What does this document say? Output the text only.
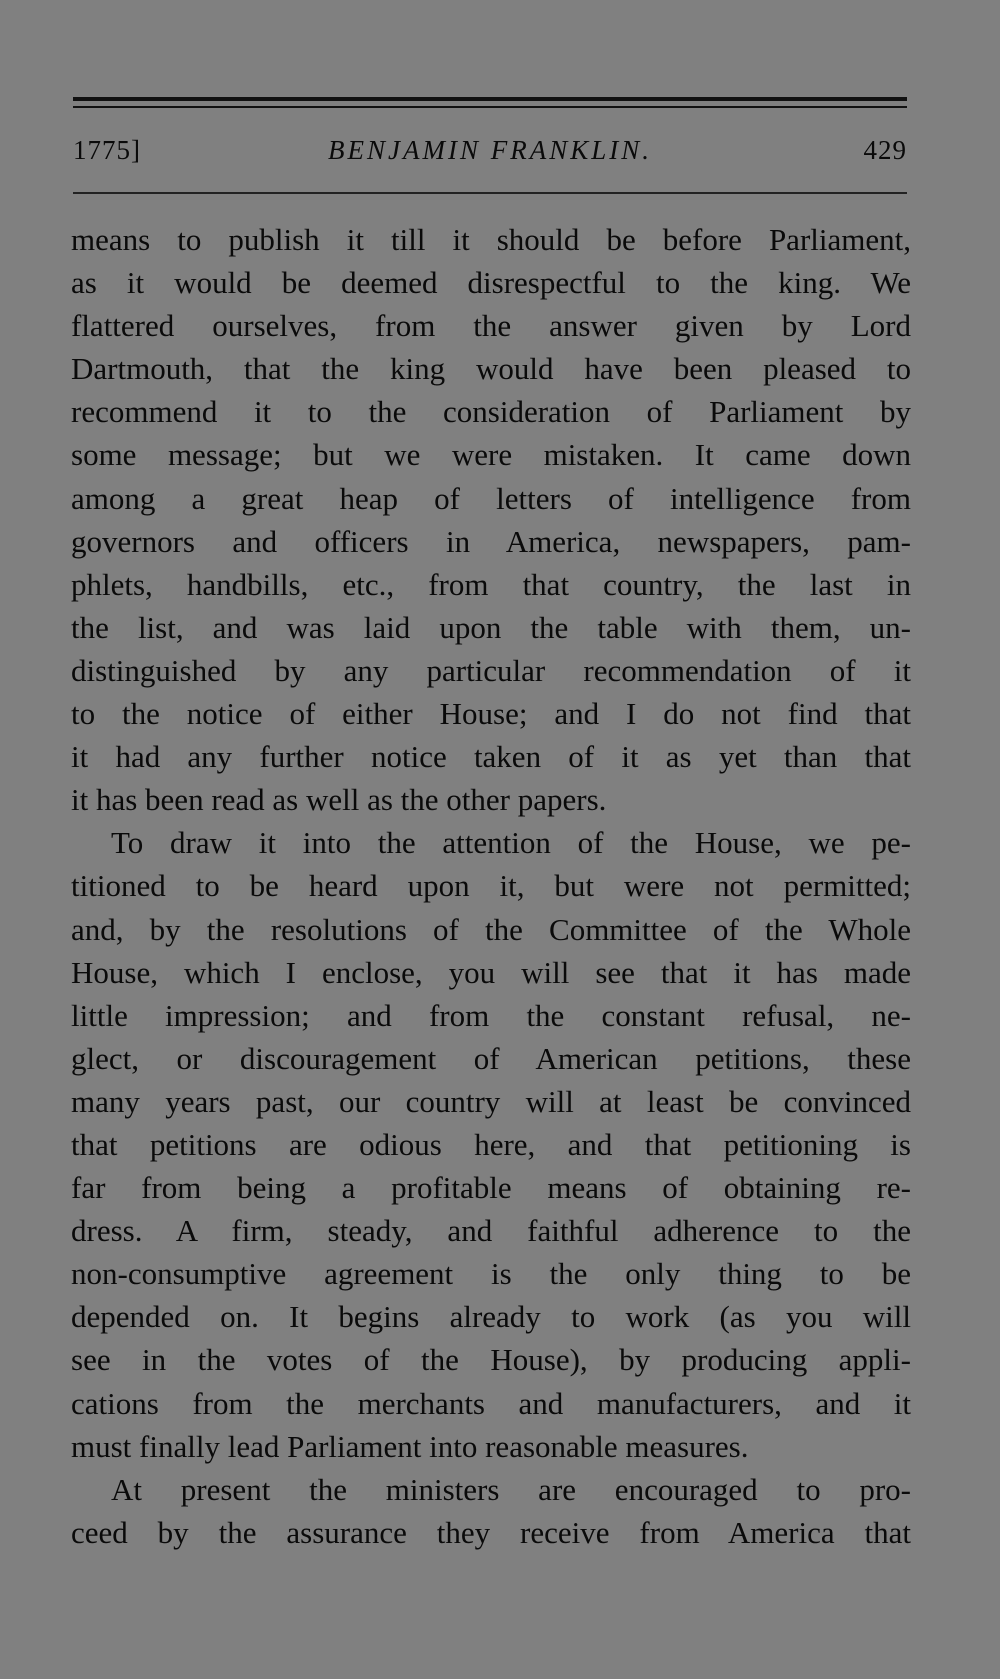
1775]	BENJAMIN FRANKLIN.	429
means to publish it till it should be before Parliament,
as it would be deemed disrespectful to the king. We
flattered ourselves, from the answer given by Lord
Dartmouth, that the king would have been pleased to
recommend it to the consideration of Parliament by
some message; but we were mistaken. It came down
among a great heap of letters of intelligence from
governors and officers in America, newspapers, pam-
phlets, handbills, etc., from that country, the last in
the list, and was laid upon the table with them, un-
distinguished by any particular recommendation of it
to the notice of either House; and I do not find that
it had any further notice taken of it as yet than that
it has been read as well as the other papers.
To draw it into the attention of the House, we pe-
titioned to be heard upon it, but were not permitted;
and, by the resolutions of the Committee of the Whole
House, which I enclose, you will see that it has made
little impression; and from the constant refusal, ne-
glect, or discouragement of American petitions, these
many years past, our country will at least be convinced
that petitions are odious here, and that petitioning is
far from being a profitable means of obtaining re-
dress. A firm, steady, and faithful adherence to the
non-consumptive agreement is the only thing to be
depended on. It begins already to work (as you will
see in the votes of the House), by producing appli-
cations from the merchants and manufacturers, and it
must finally lead Parliament into reasonable measures.
At present the ministers are encouraged to pro-
ceed by the assurance they receive from America that
